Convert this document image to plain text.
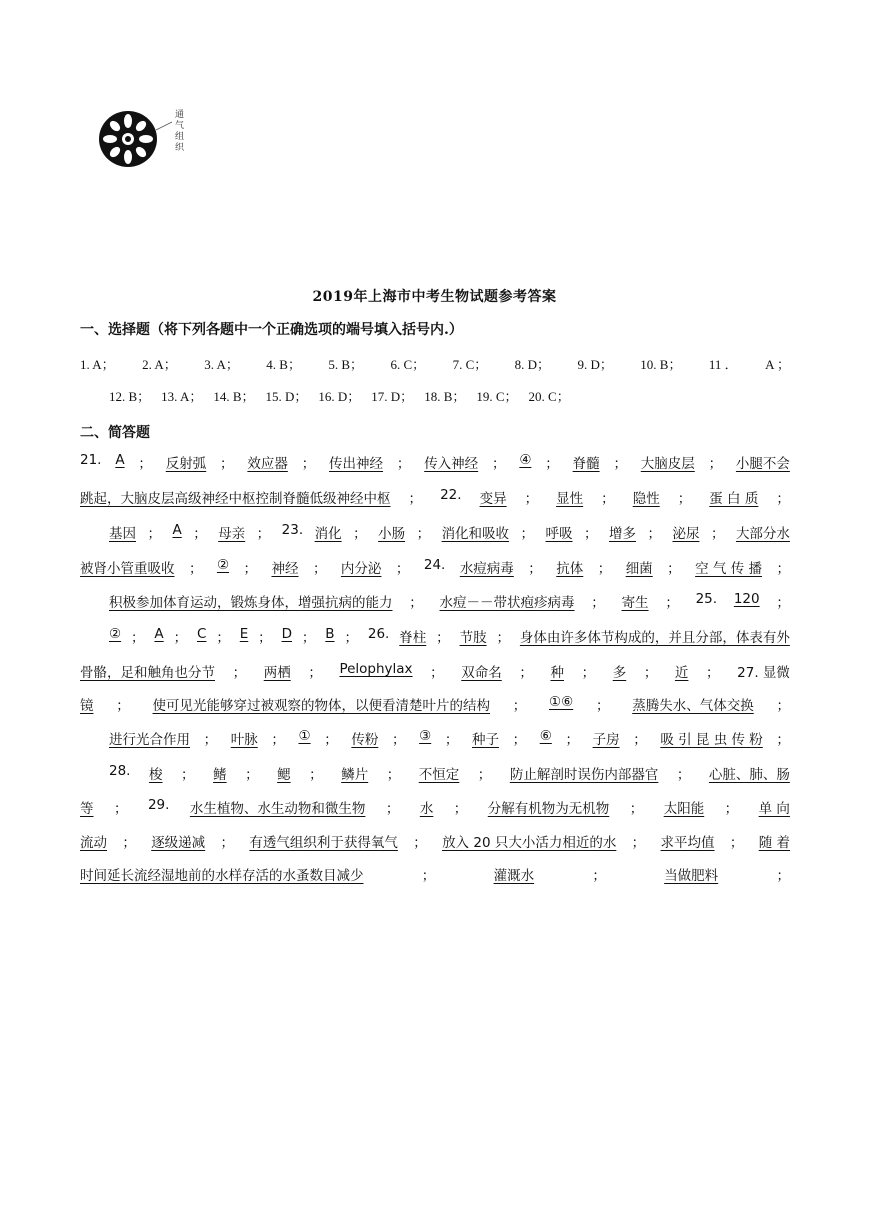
通
气
组
织
2019年上海市中考生物试题参考答案
一、选择题（将下列各题中一个正确选项的端号填入括号内.）
1. A； 2. A； 3. A； 4. B； 5. B； 6. C； 7. C； 8. D； 9. D； 10. B； 11 ． A ；
12. B； 13. A； 14. B； 15. D； 16. D； 17. D； 18. B； 19. C； 20. C；
二、简答题
21. A ； 反射弧 ； 效应器 ； 传出神经 ； 传入神经 ； ④ ； 脊髓 ； 大脑皮层 ； 小腿不会
跳起，大脑皮层高级神经中枢控制脊髓低级神经中枢 ； 22. 变异 ； 显性 ； 隐性 ； 蛋 白 质 ；
基因 ； A ； 母亲 ； 23. 消化 ； 小肠 ； 消化和吸收 ； 呼吸 ； 增多 ； 泌尿 ； 大部分水
被肾小管重吸收 ； ② ； 神经 ； 内分泌 ； 24. 水痘病毒 ； 抗体 ； 细菌 ； 空 气 传 播 ；
积极参加体育运动，锻炼身体，增强抗病的能力 ； 水痘－－带状疱疹病毒 ； 寄生 ； 25. 120 ；
② ； A ； C ； E ； D ； B ； 26. 脊柱 ； 节肢 ； 身体由许多体节构成的，并且分部，体表有外
骨骼，足和触角也分节 ； 两栖 ； Pelophylax ； 双命名 ； 种 ； 多 ； 近 ； 27. 显微
镜 ； 使可见光能够穿过被观察的物体，以便看清楚叶片的结构 ； ①⑥ ； 蒸腾失水、气体交换 ；
进行光合作用 ； 叶脉 ； ① ； 传粉 ； ③ ； 种子 ； ⑥ ； 子房 ； 吸 引 昆 虫 传 粉 ；
28. 梭 ； 鳍 ； 鳃 ； 鳞片 ； 不恒定 ； 防止解剖时误伤内部器官 ； 心脏、肺、肠
等 ； 29. 水生植物、水生动物和微生物 ； 水 ； 分解有机物为无机物 ； 太阳能 ； 单 向
流动 ； 逐级递减 ； 有透气组织利于获得氧气 ； 放入 20 只大小活力相近的水 ； 求平均值 ； 随 着
时间延长流经湿地前的水样存活的水蚤数目减少	；	灌溉水	；	当做肥料	；
